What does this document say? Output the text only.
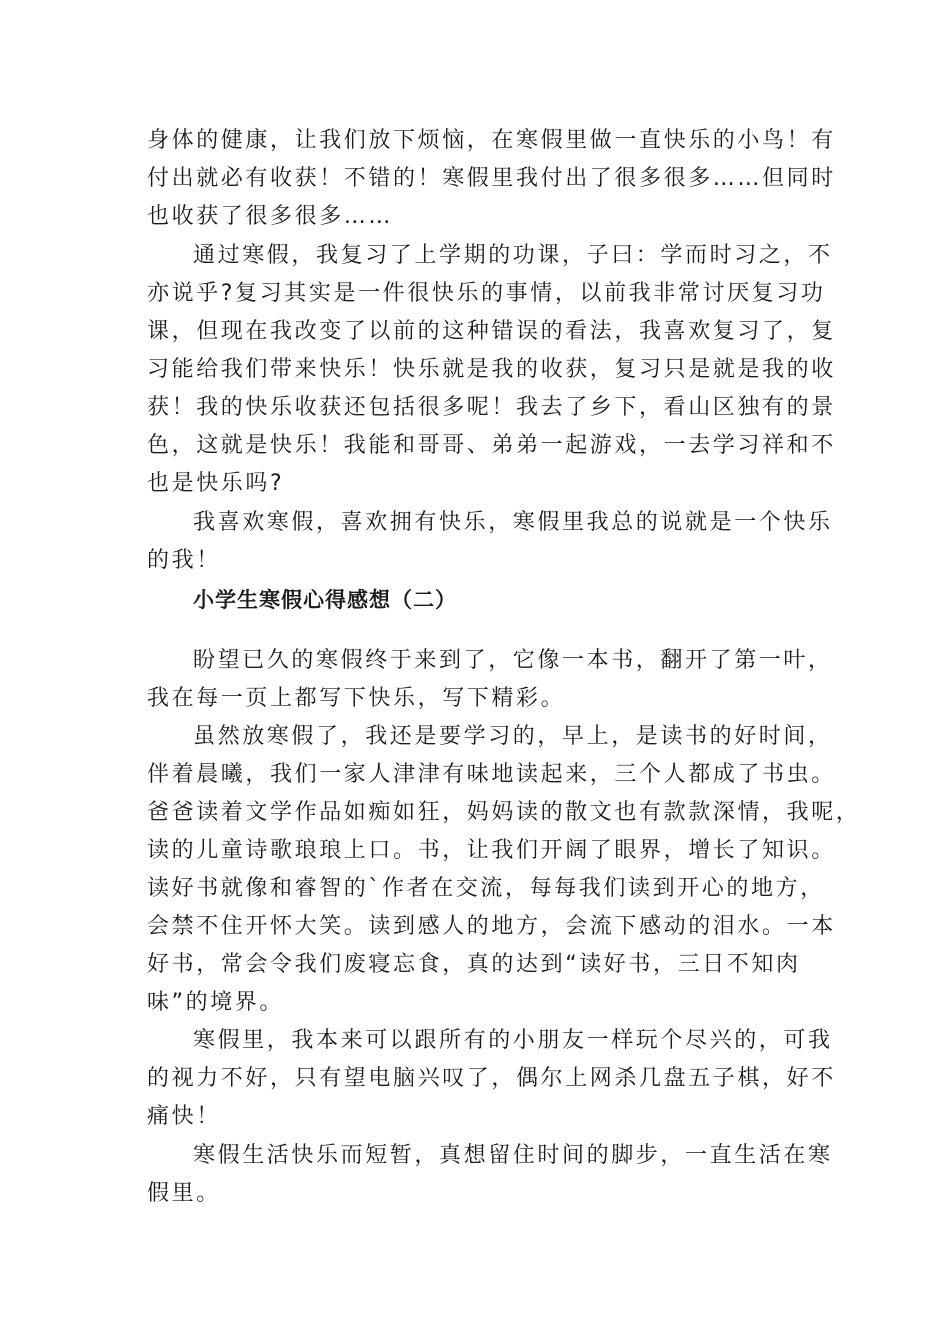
身体的健康，让我们放下烦恼，在寒假里做一直快乐的小鸟！有
付出就必有收获！不错的！寒假里我付出了很多很多……但同时
也收获了很多很多……
通过寒假，我复习了上学期的功课，子曰：学而时习之，不
亦说乎?复习其实是一件很快乐的事情，以前我非常讨厌复习功
课，但现在我改变了以前的这种错误的看法，我喜欢复习了，复
习能给我们带来快乐！快乐就是我的收获，复习只是就是我的收
获！我的快乐收获还包括很多呢！我去了乡下，看山区独有的景
色，这就是快乐！我能和哥哥、弟弟一起游戏，一去学习祥和不
也是快乐吗?
我喜欢寒假，喜欢拥有快乐，寒假里我总的说就是一个快乐
的我！
小学生寒假心得感想（二）
盼望已久的寒假终于来到了，它像一本书，翻开了第一叶，
我在每一页上都写下快乐，写下精彩。
虽然放寒假了，我还是要学习的，早上，是读书的好时间，
伴着晨曦，我们一家人津津有味地读起来，三个人都成了书虫。
爸爸读着文学作品如痴如狂，妈妈读的散文也有款款深情，我呢，
读的儿童诗歌琅琅上口。书，让我们开阔了眼界，增长了知识。
读好书就像和睿智的`作者在交流，每每我们读到开心的地方，
会禁不住开怀大笑。读到感人的地方，会流下感动的泪水。一本
好书，常会令我们废寝忘食，真的达到“读好书，三日不知肉
味”的境界。
寒假里，我本来可以跟所有的小朋友一样玩个尽兴的，可我
的视力不好，只有望电脑兴叹了，偶尔上网杀几盘五子棋，好不
痛快！
寒假生活快乐而短暂，真想留住时间的脚步，一直生活在寒
假里。
